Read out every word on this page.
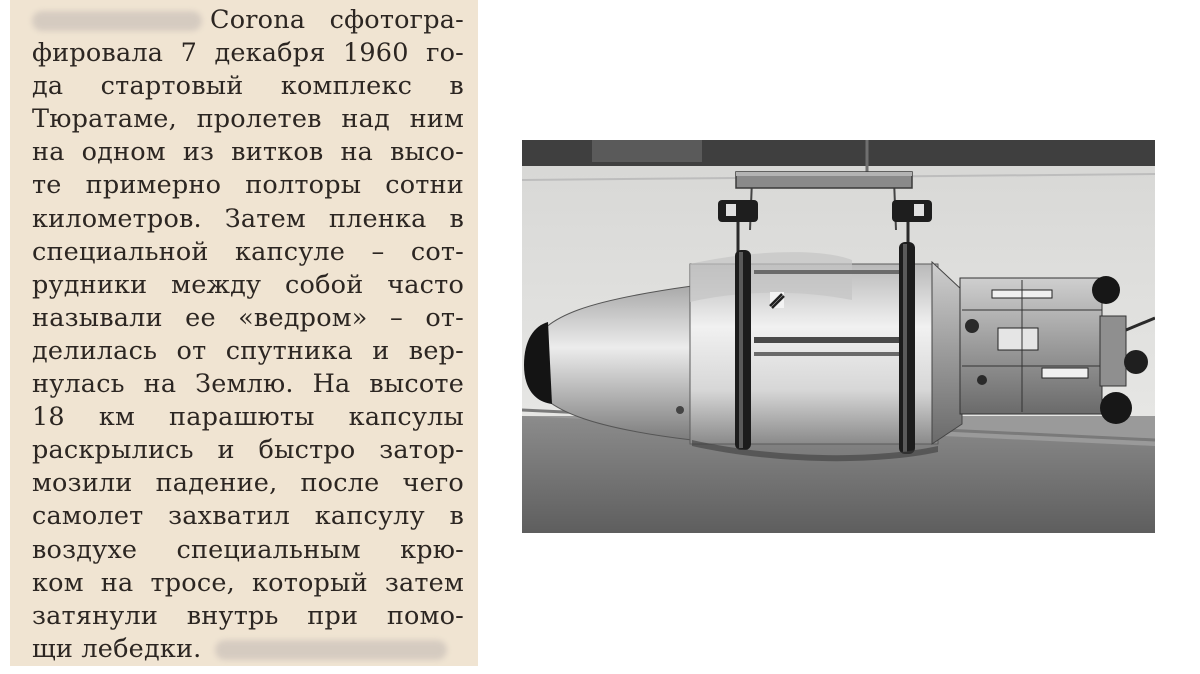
Corona сфотогра-
фировала 7 декабря 1960 го-
да стартовый комплекс в
Тюратаме, пролетев над ним
на одном из витков на высо-
те примерно полторы сотни
километров. Затем пленка в
специальной капсуле – сот-
рудники между собой часто
называли ее «ведром» – от-
делилась от спутника и вер-
нулась на Землю. На высоте
18 км парашюты капсулы
раскрылись и быстро затор-
мозили падение, после чего
самолет захватил капсулу в
воздухе специальным крю-
ком на тросе, который затем
затянули внутрь при помо-
щи лебедки.
